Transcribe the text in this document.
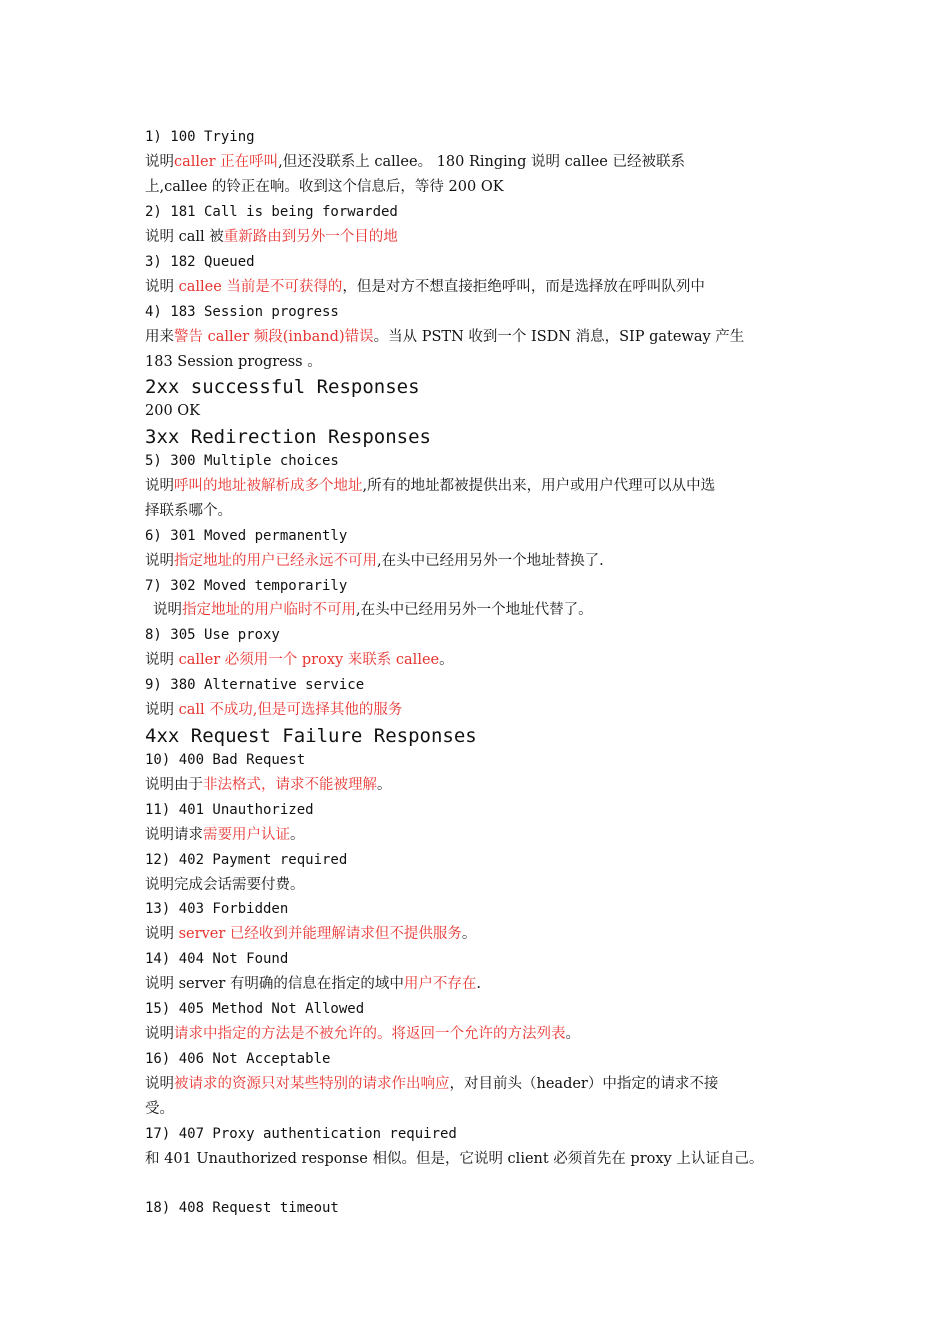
1) 100 Trying
说明caller 正在呼叫,但还没联系上 callee。 180 Ringing 说明 callee 已经被联系
上,callee 的铃正在响。收到这个信息后，等待 200 OK
2) 181 Call is being forwarded
说明 call 被重新路由到另外一个目的地
3) 182 Queued
说明 callee 当前是不可获得的，但是对方不想直接拒绝呼叫，而是选择放在呼叫队列中
4) 183 Session progress
用来警告 caller 频段(inband)错误。当从 PSTN 收到一个 ISDN 消息，SIP gateway 产生
183 Session progress 。
2xx successful Responses
200 OK
3xx Redirection Responses
5) 300 Multiple choices
说明呼叫的地址被解析成多个地址,所有的地址都被提供出来，用户或用户代理可以从中选
择联系哪个。
6) 301 Moved permanently
说明指定地址的用户已经永远不可用,在头中已经用另外一个地址替换了.
7) 302 Moved temporarily
说明指定地址的用户临时不可用,在头中已经用另外一个地址代替了。
8) 305 Use proxy
说明 caller 必须用一个 proxy 来联系 callee。
9) 380 Alternative service
说明 call 不成功,但是可选择其他的服务
4xx Request Failure Responses
10) 400 Bad Request
说明由于非法格式，请求不能被理解。
11) 401 Unauthorized
说明请求需要用户认证。
12) 402 Payment required
说明完成会话需要付费。
13) 403 Forbidden
说明 server 已经收到并能理解请求但不提供服务。
14) 404 Not Found
说明 server 有明确的信息在指定的域中用户不存在.
15) 405 Method Not Allowed
说明请求中指定的方法是不被允许的。将返回一个允许的方法列表。
16) 406 Not Acceptable
说明被请求的资源只对某些特别的请求作出响应，对目前头（header）中指定的请求不接
受。
17) 407 Proxy authentication required
和 401 Unauthorized response 相似。但是，它说明 client 必须首先在 proxy 上认证自己。
18) 408 Request timeout
